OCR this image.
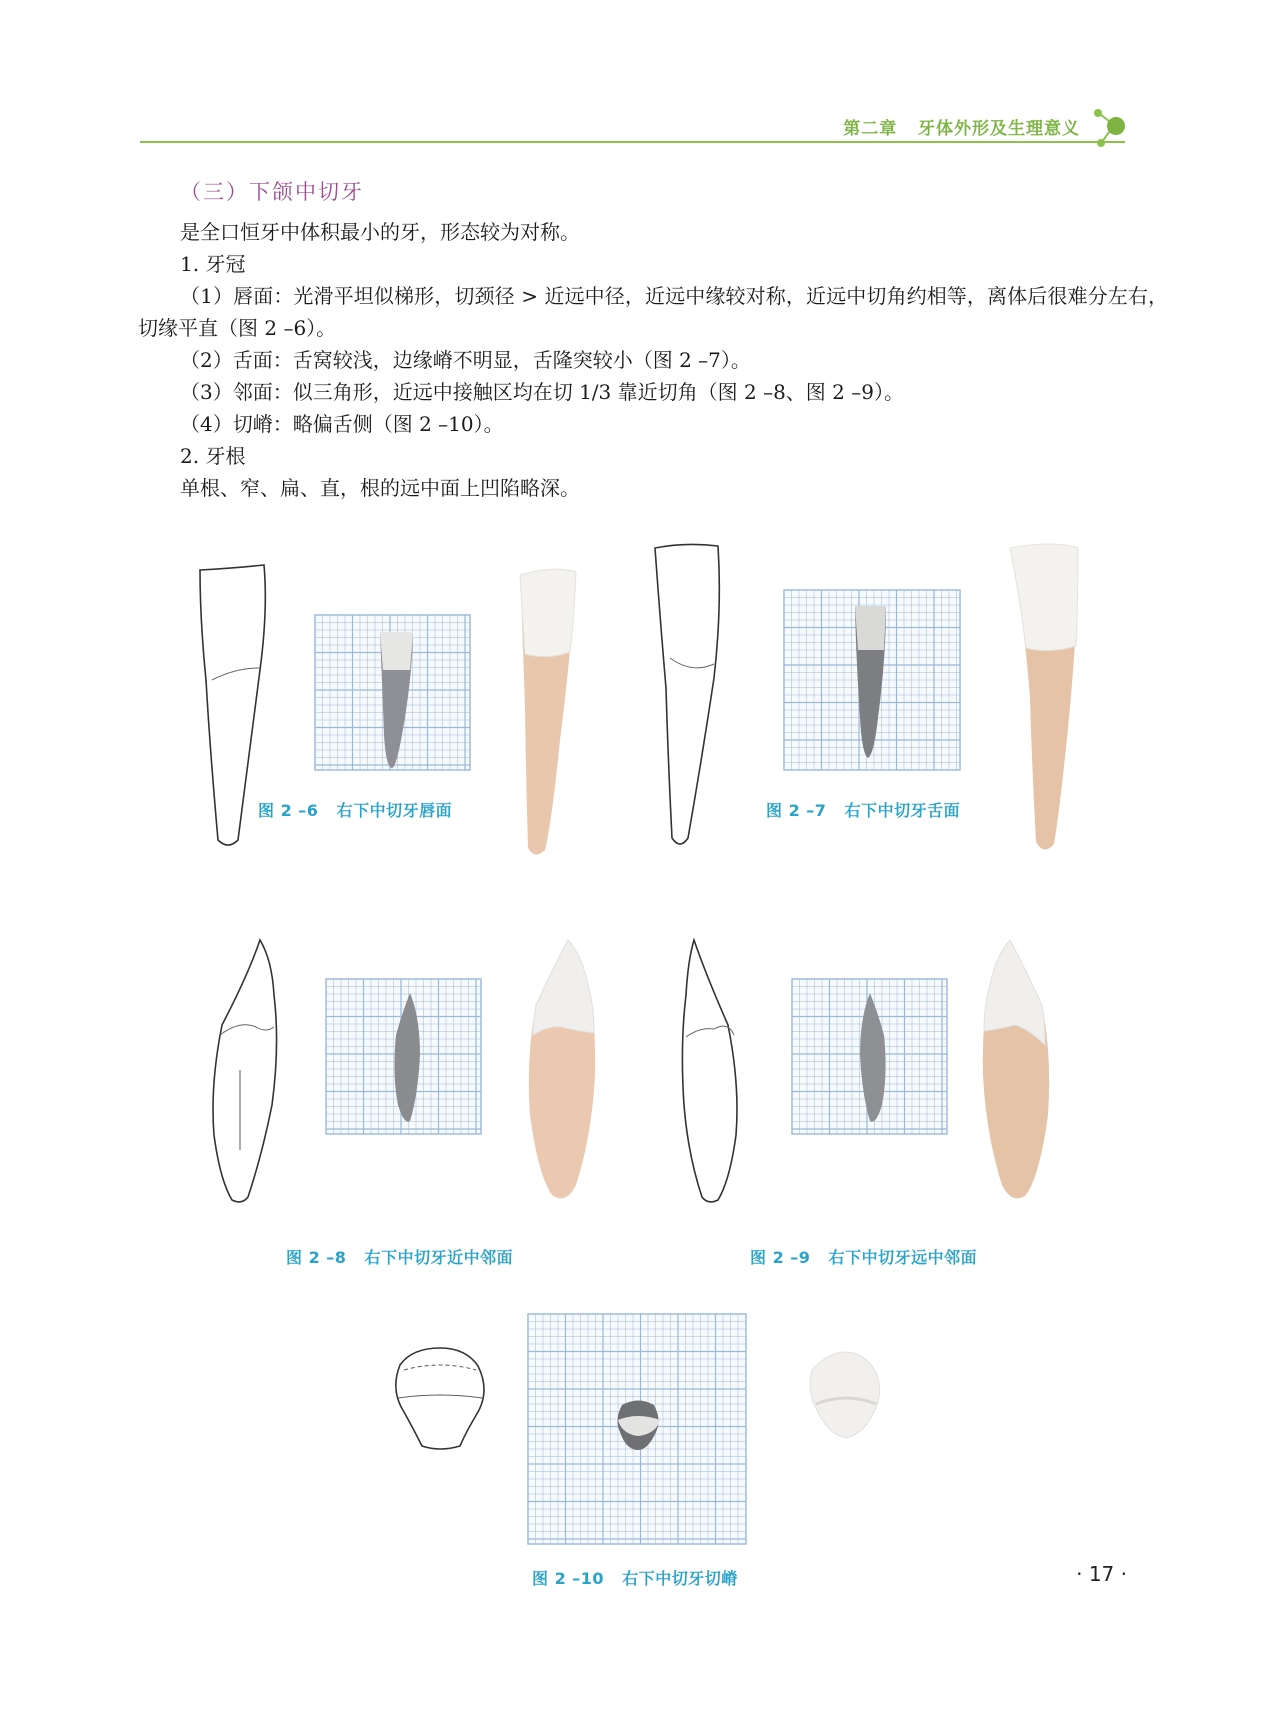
第二章 牙体外形及生理意义
（三）下颌中切牙

是全口恒牙中体积最小的牙，形态较为对称。

1. 牙冠

（1）唇面：光滑平坦似梯形，切颈径 > 近远中径，近远中缘较对称，近远中切角约相等，离体后很难分左右，切缘平直（图 2 –6）。

（2）舌面：舌窝较浅，边缘嵴不明显，舌隆突较小（图 2 –7）。

（3）邻面：似三角形，近远中接触区均在切 1/3 靠近切角（图 2 –8、图 2 –9）。

（4）切嵴：略偏舌侧（图 2 –10）。

2. 牙根

单根、窄、扁、直，根的远中面上凹陷略深。

图 2 –6 右下中切牙唇面	图 2 –7 右下中切牙舌面
图 2 –8 右下中切牙近中邻面	图 2 –9 右下中切牙远中邻面
图 2 –10 右下中切牙切嵴	· 17 ·
